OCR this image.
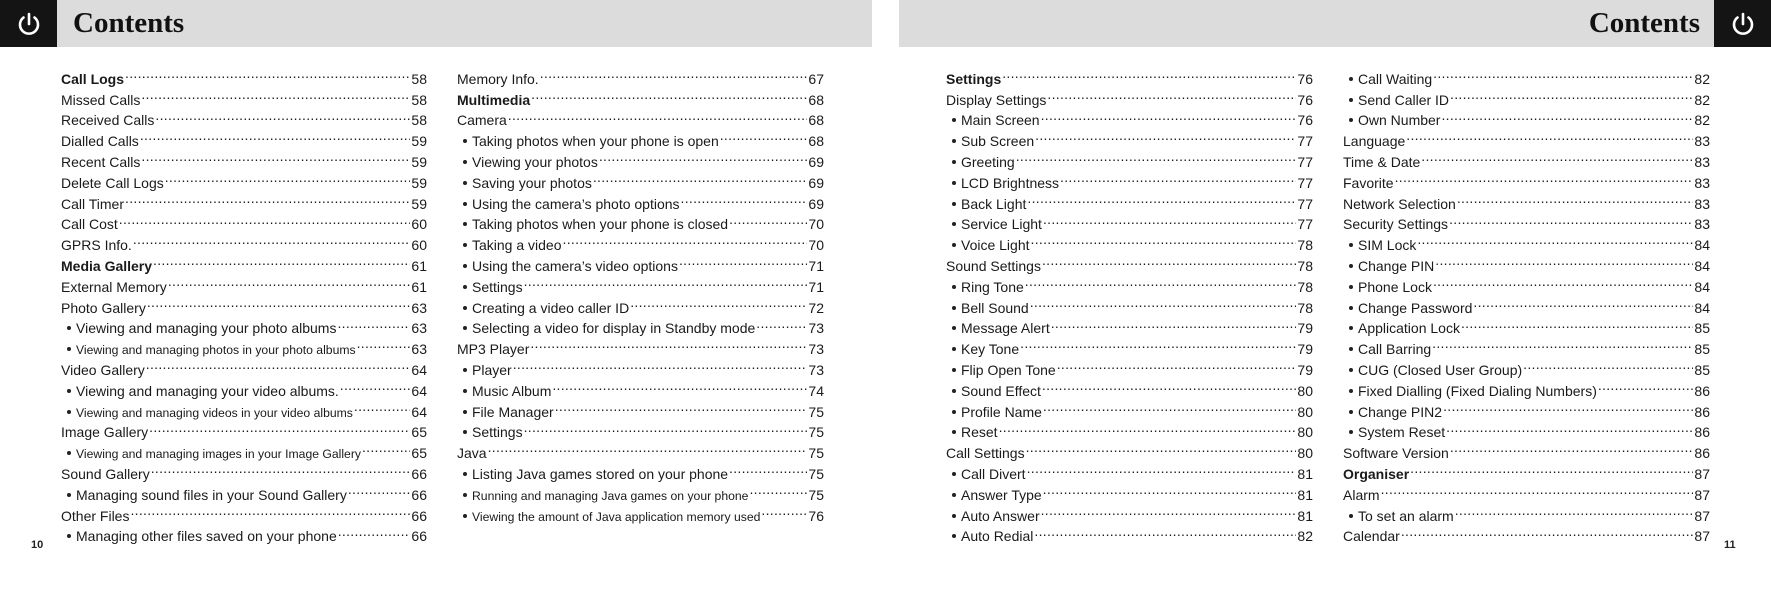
Contents	Contents
Call Logs .....	58
Missed Calls .....	58
Received Calls .....	58
Dialled Calls .....	59
Recent Calls .....	59
Delete Call Logs .....	59
Call Timer .....	59
Call Cost .....	60
GPRS Info. .....	60
Media Gallery .....	61
External Memory .....	61
Photo Gallery .....	63
Viewing and managing your photo albums .....	63
Viewing and managing photos in your photo albums .....	63
Video Gallery .....	64
Viewing and managing your video albums. .....	64
Viewing and managing videos in your video albums .....	64
Image Gallery .....	65
Viewing and managing images in your Image Gallery .....	65
Sound Gallery .....	66
Managing sound files in your Sound Gallery .....	66
Other Files .....	66
Managing other files saved on your phone .....	66
Memory Info. .....	67
Multimedia .....	68
Camera .....	68
Taking photos when your phone is open .....	68
Viewing your photos .....	69
Saving your photos .....	69
Using the camera’s photo options .....	69
Taking photos when your phone is closed .....	70
Taking a video .....	70
Using the camera’s video options .....	71
Settings .....	71
Creating a video caller ID .....	72
Selecting a video for display in Standby mode .....	73
MP3 Player .....	73
Player .....	73
Music Album .....	74
File Manager .....	75
Settings .....	75
Java .....	75
Listing Java games stored on your phone .....	75
Running and managing Java games on your phone .....	75
Viewing the amount of Java application memory used .....	76
Settings .....	76
Display Settings .....	76
Main Screen .....	76
Sub Screen .....	77
Greeting .....	77
LCD Brightness .....	77
Back Light .....	77
Service Light .....	77
Voice Light .....	78
Sound Settings .....	78
Ring Tone .....	78
Bell Sound .....	78
Message Alert .....	79
Key Tone .....	79
Flip Open Tone .....	79
Sound Effect .....	80
Profile Name .....	80
Reset .....	80
Call Settings .....	80
Call Divert .....	81
Answer Type .....	81
Auto Answer .....	81
Auto Redial .....	82
Call Waiting .....	82
Send Caller ID .....	82
Own Number .....	82
Language .....	83
Time & Date .....	83
Favorite .....	83
Network Selection .....	83
Security Settings .....	83
SIM Lock .....	84
Change PIN .....	84
Phone Lock .....	84
Change Password .....	84
Application Lock .....	85
Call Barring .....	85
CUG (Closed User Group) .....	85
Fixed Dialling (Fixed Dialing Numbers) .....	86
Change PIN2 .....	86
System Reset .....	86
Software Version .....	86
Organiser .....	87
Alarm .....	87
To set an alarm .....	87
Calendar .....	87
10	11
